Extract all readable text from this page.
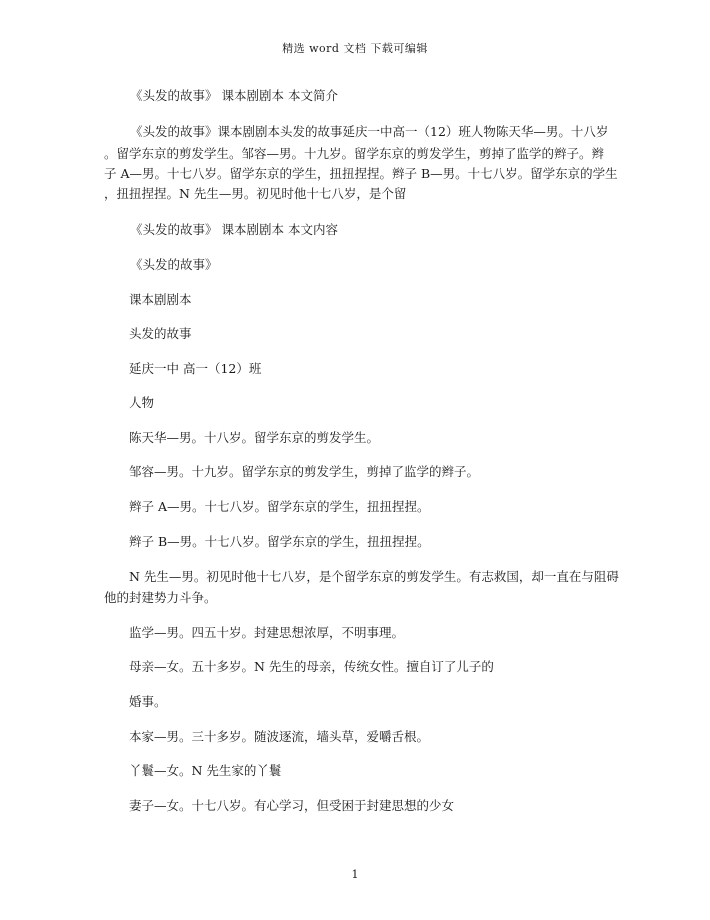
精选 word 文档 下载可编辑
《头发的故事》 课本剧剧本 本文简介
《头发的故事》课本剧剧本头发的故事延庆一中高一（12）班人物陈天华—男。十八岁
。留学东京的剪发学生。邹容—男。十九岁。留学东京的剪发学生，剪掉了监学的辫子。辫
子 A—男。十七八岁。留学东京的学生，扭扭捏捏。辫子 B—男。十七八岁。留学东京的学生
，扭扭捏捏。N 先生—男。初见时他十七八岁，是个留
《头发的故事》 课本剧剧本 本文内容
《头发的故事》
课本剧剧本
头发的故事
延庆一中 高一（12）班
人物
陈天华—男。十八岁。留学东京的剪发学生。
邹容—男。十九岁。留学东京的剪发学生，剪掉了监学的辫子。
辫子 A—男。十七八岁。留学东京的学生，扭扭捏捏。
辫子 B—男。十七八岁。留学东京的学生，扭扭捏捏。
N 先生—男。初见时他十七八岁，是个留学东京的剪发学生。有志救国，却一直在与阻碍
他的封建势力斗争。
监学—男。四五十岁。封建思想浓厚，不明事理。
母亲—女。五十多岁。N 先生的母亲，传统女性。擅自订了儿子的
婚事。
本家—男。三十多岁。随波逐流，墙头草，爱嚼舌根。
丫鬟—女。N 先生家的丫鬟
妻子—女。十七八岁。有心学习，但受困于封建思想的少女
1
